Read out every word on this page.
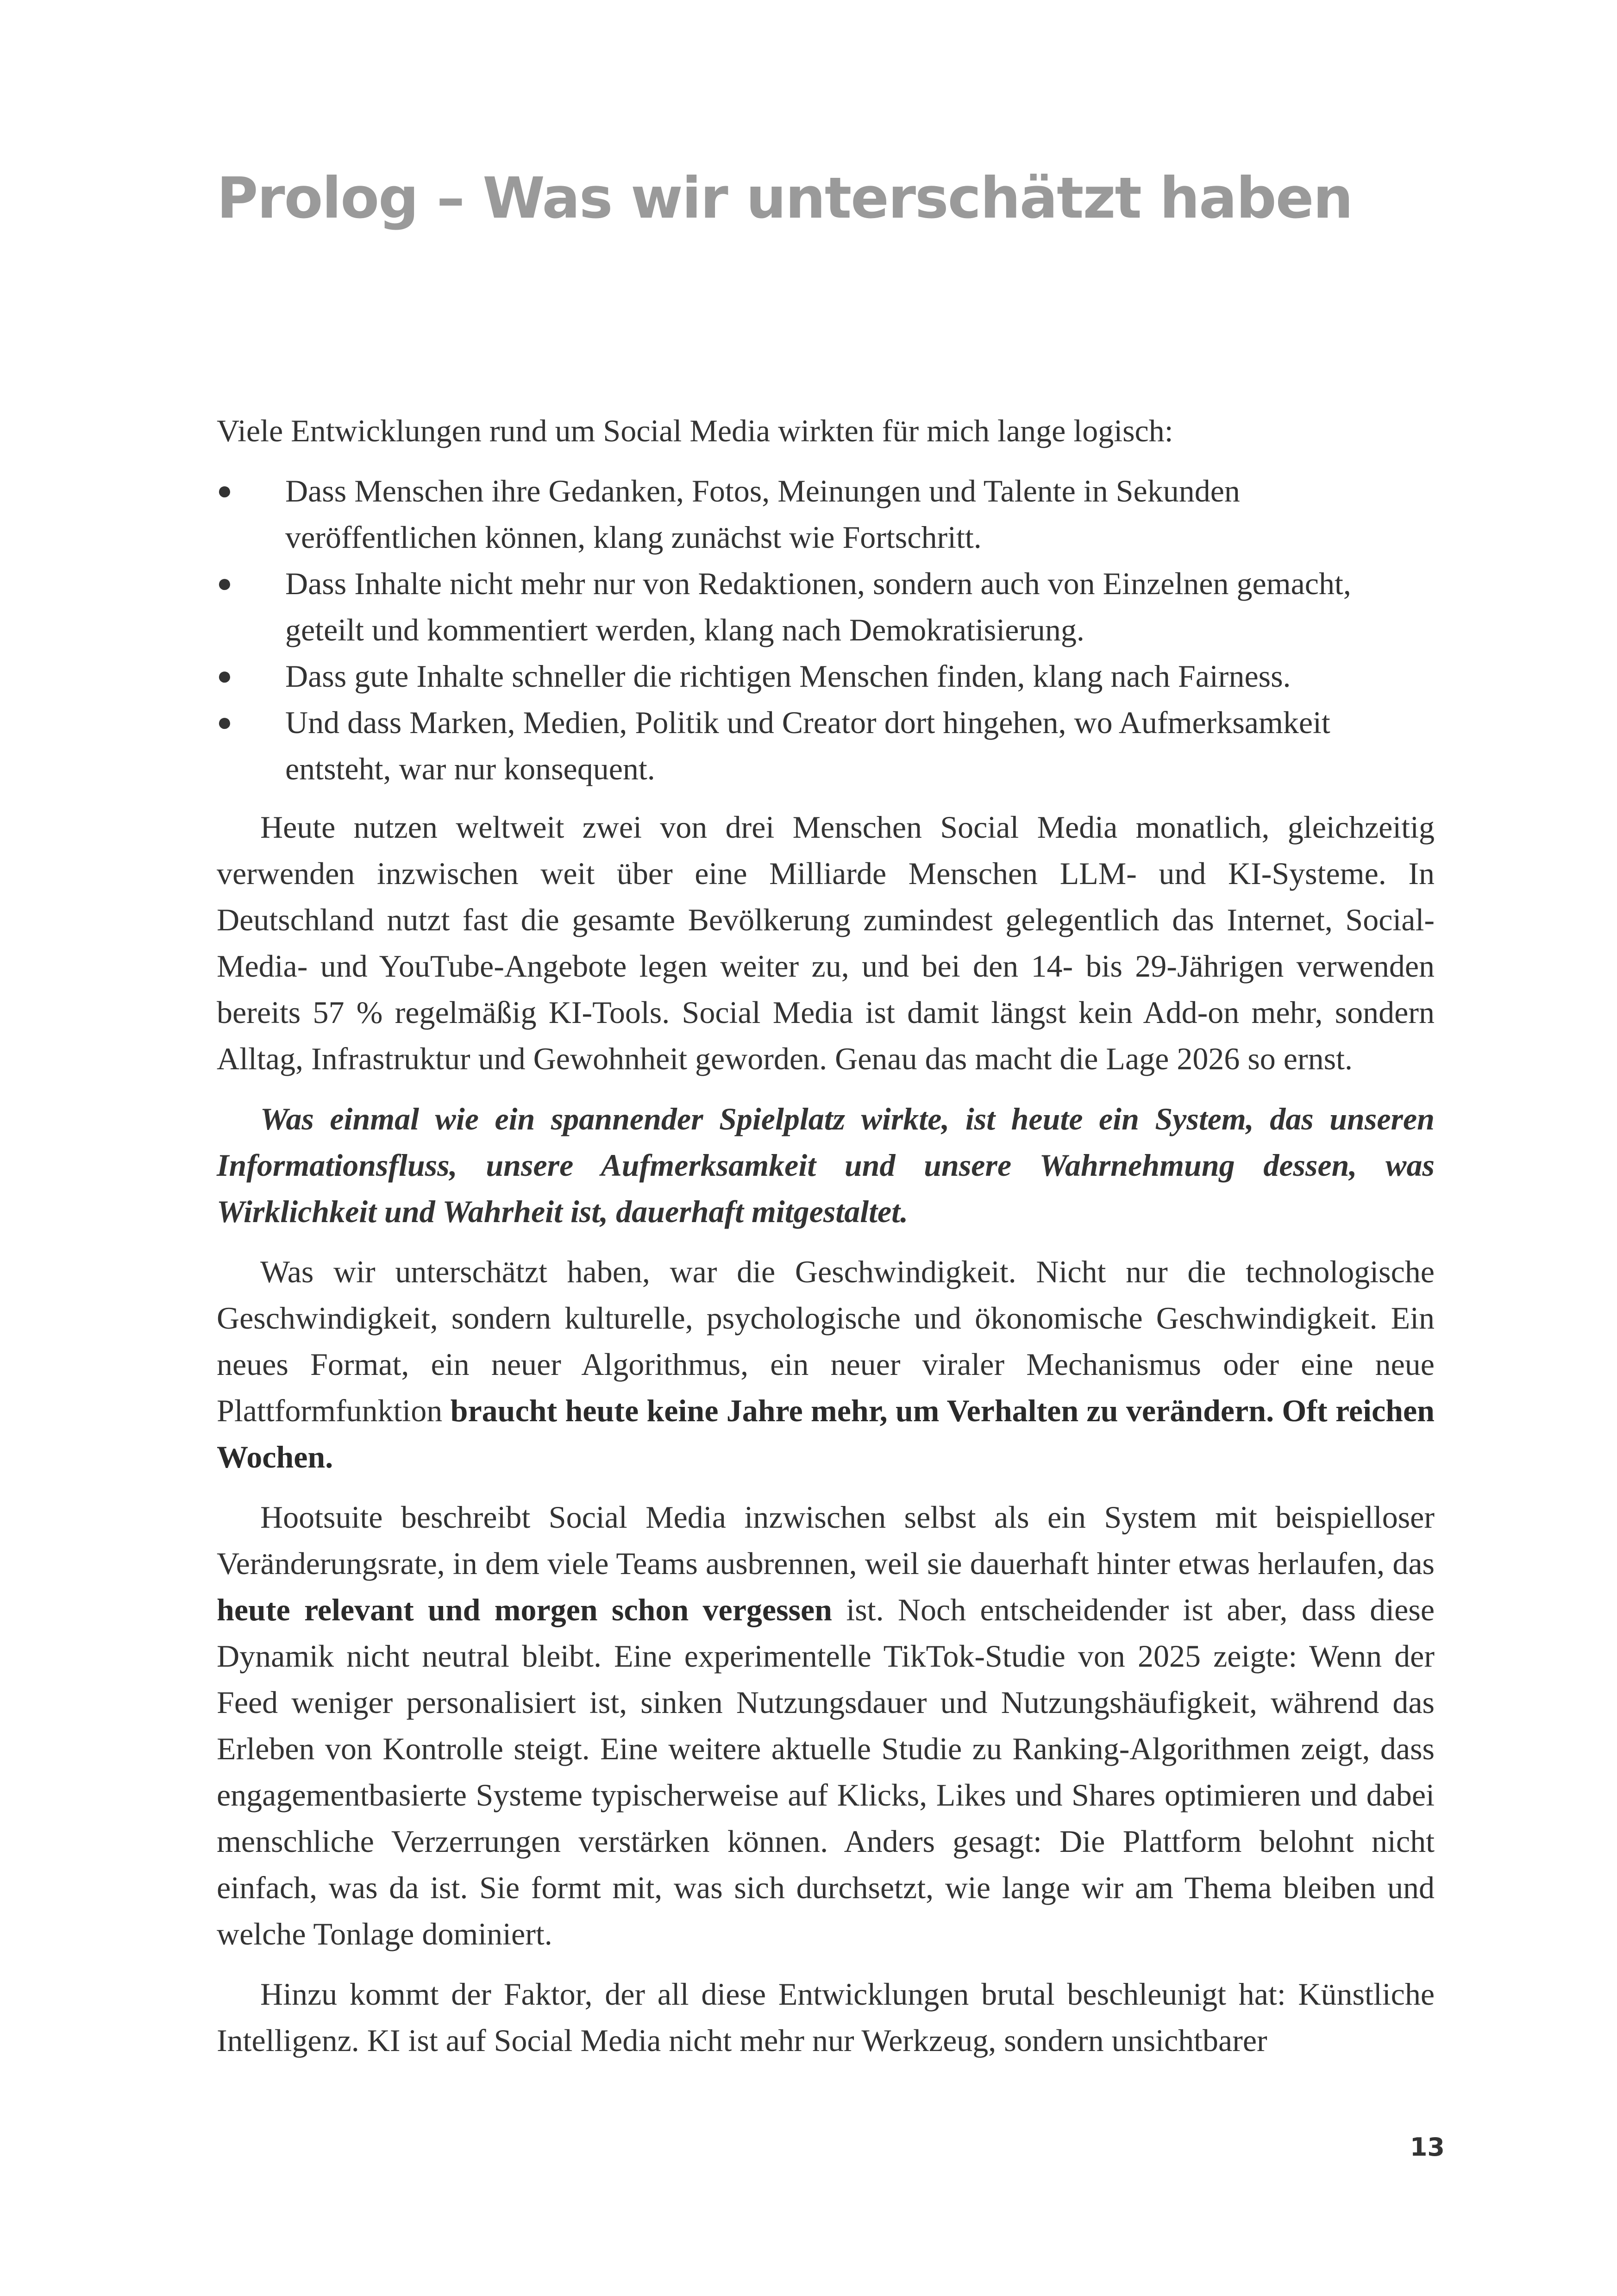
Prolog – Was wir unterschätzt haben

Viele Entwicklungen rund um Social Media wirkten für mich lange logisch:

●	Dass Menschen ihre Gedanken, Fotos, Meinungen und Talente in Sekunden veröffentlichen können, klang zunächst wie Fortschritt.
●	Dass Inhalte nicht mehr nur von Redaktionen, sondern auch von Einzelnen gemacht, geteilt und kommentiert werden, klang nach Demokratisierung.
●	Dass gute Inhalte schneller die richtigen Menschen finden, klang nach Fairness.
●	Und dass Marken, Medien, Politik und Creator dort hingehen, wo Aufmerksamkeit entsteht, war nur konsequent.

Heute nutzen weltweit zwei von drei Menschen Social Media monatlich, gleichzeitig verwenden inzwischen weit über eine Milliarde Menschen LLM- und KI-Systeme. In Deutschland nutzt fast die gesamte Bevölkerung zumindest gelegentlich das Internet, Social-Media- und YouTube-Angebote legen weiter zu, und bei den 14- bis 29-Jährigen verwenden bereits 57 % regelmäßig KI-Tools. Social Media ist damit längst kein Add-on mehr, sondern Alltag, Infrastruktur und Gewohnheit geworden. Genau das macht die Lage 2026 so ernst.

Was einmal wie ein spannender Spielplatz wirkte, ist heute ein System, das unseren Informationsfluss, unsere Aufmerksamkeit und unsere Wahrnehmung dessen, was Wirklichkeit und Wahrheit ist, dauerhaft mitgestaltet.

Was wir unterschätzt haben, war die Geschwindigkeit. Nicht nur die technologische Geschwindigkeit, sondern kulturelle, psychologische und ökonomische Geschwindigkeit. Ein neues Format, ein neuer Algorithmus, ein neuer viraler Mechanismus oder eine neue Plattformfunktion braucht heute keine Jahre mehr, um Verhalten zu verändern. Oft reichen Wochen.

Hootsuite beschreibt Social Media inzwischen selbst als ein System mit beispielloser Veränderungsrate, in dem viele Teams ausbrennen, weil sie dauerhaft hinter etwas herlaufen, das heute relevant und morgen schon vergessen ist. Noch entscheidender ist aber, dass diese Dynamik nicht neutral bleibt. Eine experimentelle TikTok-Studie von 2025 zeigte: Wenn der Feed weniger personalisiert ist, sinken Nutzungsdauer und Nutzungshäufigkeit, während das Erleben von Kontrolle steigt. Eine weitere aktuelle Studie zu Ranking-Algorithmen zeigt, dass engagementbasierte Systeme typischerweise auf Klicks, Likes und Shares optimieren und dabei menschliche Verzerrungen verstärken können. Anders gesagt: Die Plattform belohnt nicht einfach, was da ist. Sie formt mit, was sich durchsetzt, wie lange wir am Thema bleiben und welche Tonlage dominiert.

Hinzu kommt der Faktor, der all diese Entwicklungen brutal beschleunigt hat: Künstliche Intelligenz. KI ist auf Social Media nicht mehr nur Werkzeug, sondern unsichtbarer

13
